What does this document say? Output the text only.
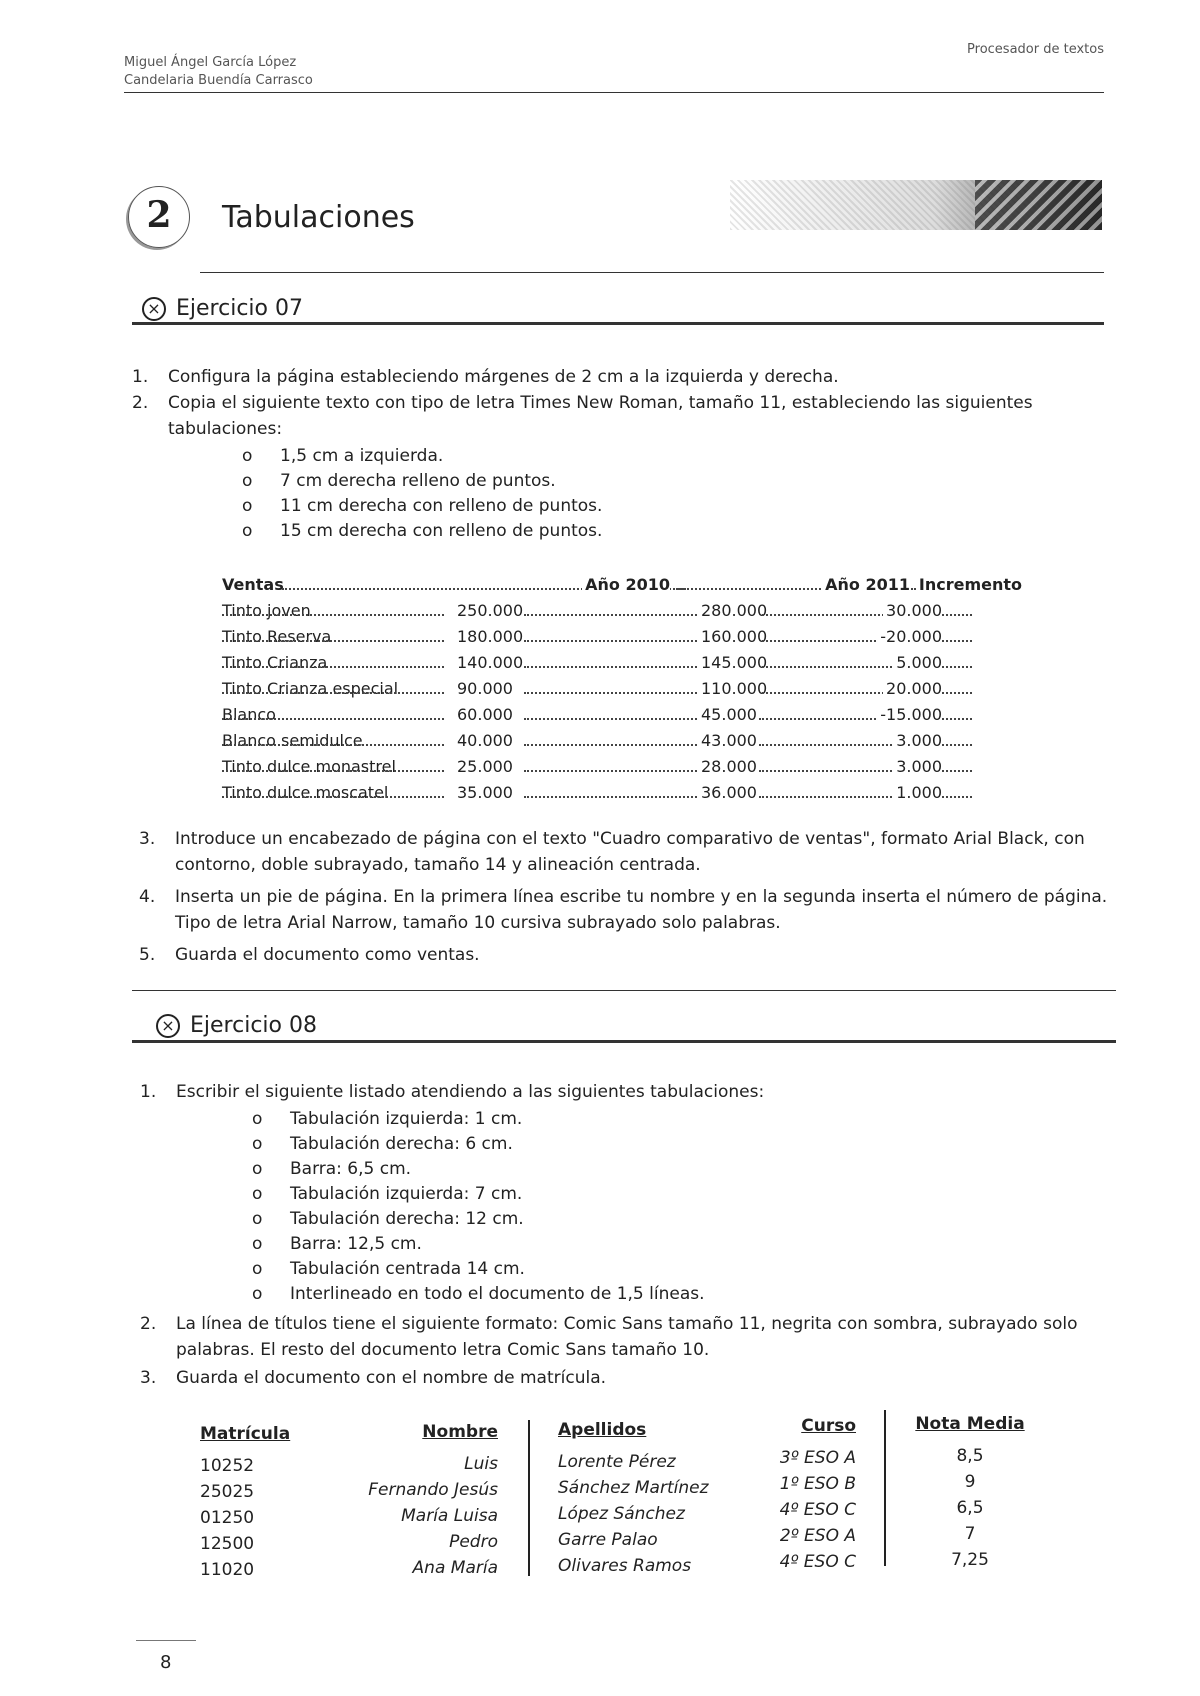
Miguel Ángel García López
Candelaria Buendía Carrasco
Procesador de textos
2	Tabulaciones
× Ejercicio 07
1. Configura la página estableciendo márgenes de 2 cm a la izquierda y derecha.
2. Copia el siguiente texto con tipo de letra Times New Roman, tamaño 11, estableciendo las siguientes tabulaciones:
o 1,5 cm a izquierda.
o 7 cm derecha relleno de puntos.
o 11 cm derecha con relleno de puntos.
o 15 cm derecha con relleno de puntos.
Ventas	Año 2010	Año 2011 Incremento
Tinto joven	250.000	280.000	30.000
Tinto Reserva	180.000	160.000	-20.000
Tinto Crianza	140.000	145.000	5.000
Tinto Crianza especial	90.000	110.000	20.000
Blanco	60.000	45.000	-15.000
Blanco semidulce	40.000	43.000	3.000
Tinto dulce monastrel	25.000	28.000	3.000
Tinto dulce moscatel	35.000	36.000	1.000
3. Introduce un encabezado de página con el texto "Cuadro comparativo de ventas", formato Arial Black, con contorno, doble subrayado, tamaño 14 y alineación centrada.
4. Inserta un pie de página. En la primera línea escribe tu nombre y en la segunda inserta el número de página. Tipo de letra Arial Narrow, tamaño 10 cursiva subrayado solo palabras.
5. Guarda el documento como ventas.
× Ejercicio 08
1. Escribir el siguiente listado atendiendo a las siguientes tabulaciones:
o Tabulación izquierda: 1 cm.
o Tabulación derecha: 6 cm.
o Barra: 6,5 cm.
o Tabulación izquierda: 7 cm.
o Tabulación derecha: 12 cm.
o Barra: 12,5 cm.
o Tabulación centrada 14 cm.
o Interlineado en todo el documento de 1,5 líneas.
2. La línea de títulos tiene el siguiente formato: Comic Sans tamaño 11, negrita con sombra, subrayado solo palabras. El resto del documento letra Comic Sans tamaño 10.
3. Guarda el documento con el nombre de matrícula.
Matrícula	Nombre	Apellidos	Curso	Nota Media
10252	Luis	Lorente Pérez	3º ESO A	8,5
25025	Fernando Jesús	Sánchez Martínez	1º ESO B	9
01250	María Luisa	López Sánchez	4º ESO C	6,5
12500	Pedro	Garre Palao	2º ESO A	7
11020	Ana María	Olivares Ramos	4º ESO C	7,25
8
